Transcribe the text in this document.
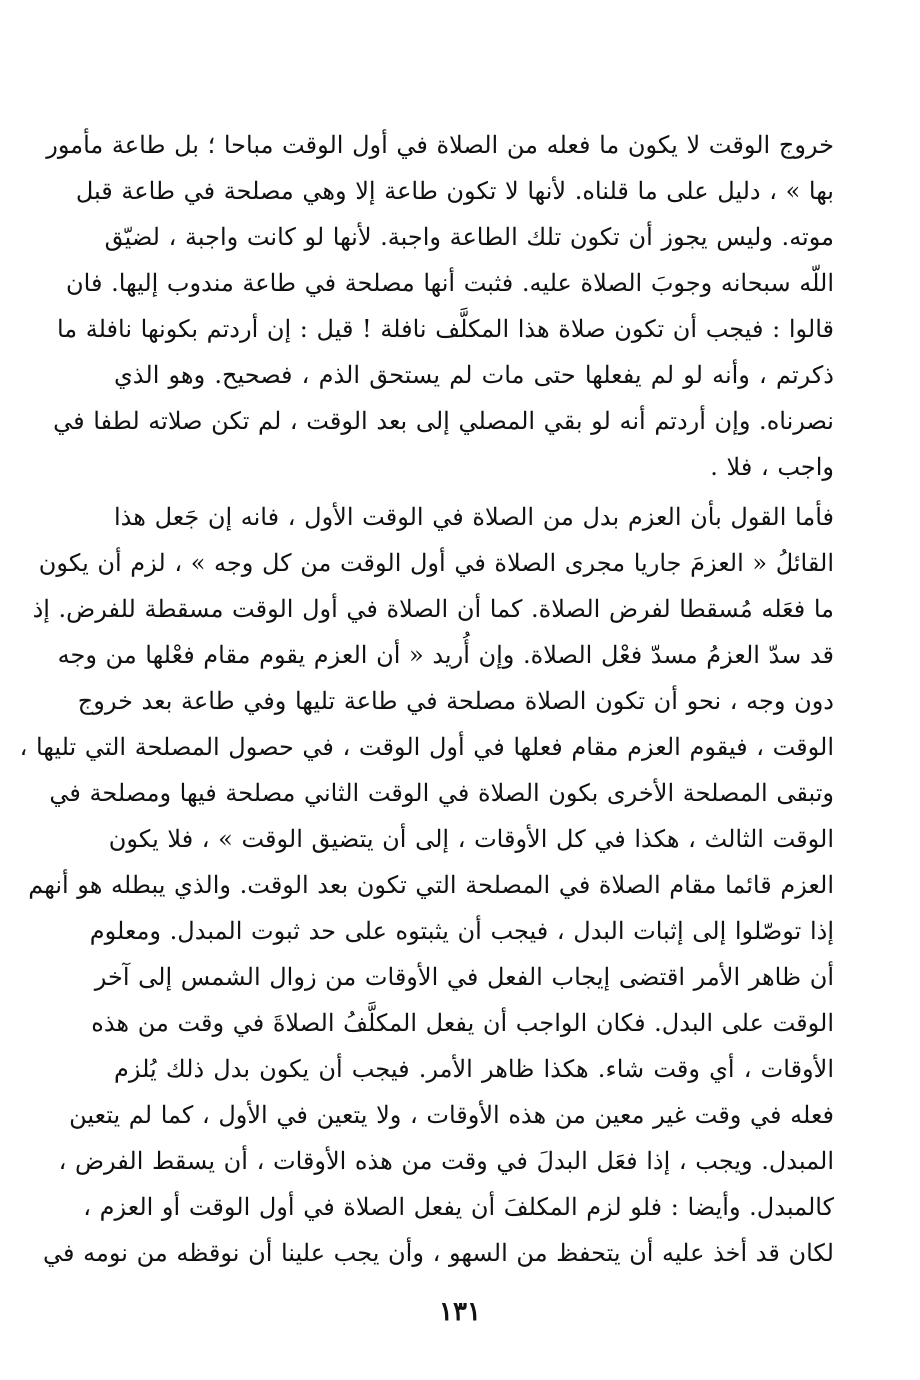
خروج الوقت لا يكون ما فعله من الصلاة في أول الوقت مباحا ؛ بل طاعة مأمور
بها » ، دليل على ما قلناه. لأنها لا تكون طاعة إلا وهي مصلحة في طاعة قبل
موته. وليس يجوز أن تكون تلك الطاعة واجبة. لأنها لو كانت واجبة ، لضيّق
اللّه سبحانه وجوبَ الصلاة عليه. فثبت أنها مصلحة في طاعة مندوب إليها. فان
قالوا : فيجب أن تكون صلاة هذا المكلَّف نافلة ! قيل : إن أردتم بكونها نافلة ما
ذكرتم ، وأنه لو لم يفعلها حتى مات لم يستحق الذم ، فصحيح. وهو الذي
نصرناه. وإن أردتم أنه لو بقي المصلي إلى بعد الوقت ، لم تكن صلاته لطفا في
واجب ، فلا .
فأما القول بأن العزم بدل من الصلاة في الوقت الأول ، فانه إن جَعل هذا
القائلُ « العزمَ جاريا مجرى الصلاة في أول الوقت من كل وجه » ، لزم أن يكون
ما فعَله مُسقطا لفرض الصلاة. كما أن الصلاة في أول الوقت مسقطة للفرض. إذ
قد سدّ العزمُ مسدّ فعْل الصلاة. وإن أُريد « أن العزم يقوم مقام فعْلها من وجه
دون وجه ، نحو أن تكون الصلاة مصلحة في طاعة تليها وفي طاعة بعد خروج
الوقت ، فيقوم العزم مقام فعلها في أول الوقت ، في حصول المصلحة التي تليها ،
وتبقى المصلحة الأخرى بكون الصلاة في الوقت الثاني مصلحة فيها ومصلحة في
الوقت الثالث ، هكذا في كل الأوقات ، إلى أن يتضيق الوقت » ، فلا يكون
العزم قائما مقام الصلاة في المصلحة التي تكون بعد الوقت. والذي يبطله هو أنهم
إذا توصّلوا إلى إثبات البدل ، فيجب أن يثبتوه على حد ثبوت المبدل. ومعلوم
أن ظاهر الأمر اقتضى إيجاب الفعل في الأوقات من زوال الشمس إلى آخر
الوقت على البدل. فكان الواجب أن يفعل المكلَّفُ الصلاةَ في وقت من هذه
الأوقات ، أي وقت شاء. هكذا ظاهر الأمر. فيجب أن يكون بدل ذلك يُلزم
فعله في وقت غير معين من هذه الأوقات ، ولا يتعين في الأول ، كما لم يتعين
المبدل. ويجب ، إذا فعَل البدلَ في وقت من هذه الأوقات ، أن يسقط الفرض ،
كالمبدل. وأيضا : فلو لزم المكلفَ أن يفعل الصلاة في أول الوقت أو العزم ،
لكان قد أخذ عليه أن يتحفظ من السهو ، وأن يجب علينا أن نوقظه من نومه في
١٣١
